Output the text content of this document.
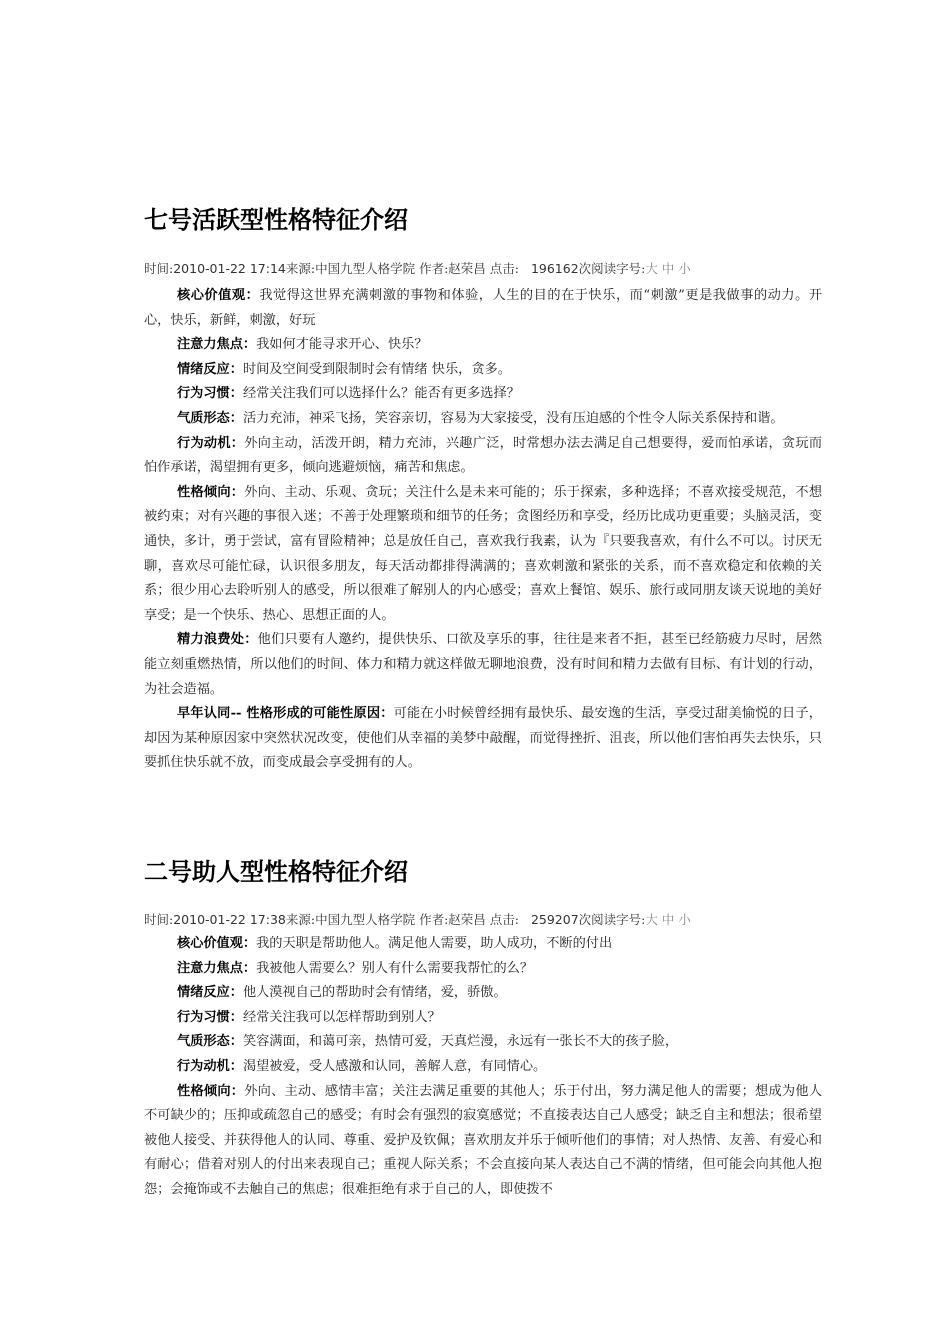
七号活跃型性格特征介绍
时间:2010-01-22 17:14来源:中国九型人格学院 作者:赵荣昌 点击: 196162次阅读字号:大 中 小

核心价值观：我觉得这世界充满刺激的事物和体验，人生的目的在于快乐，而“刺激”更是我做事的动力。开心，快乐，新鲜，刺激，好玩

注意力焦点：我如何才能寻求开心、快乐？

情绪反应：时间及空间受到限制时会有情绪 快乐，贪多。

行为习惯：经常关注我们可以选择什么？能否有更多选择？

气质形态：活力充沛，神采飞扬，笑容亲切，容易为大家接受，没有压迫感的个性令人际关系保持和谐。

行为动机：外向主动，活泼开朗，精力充沛，兴趣广泛，时常想办法去满足自己想要得，爱而怕承诺，贪玩而怕作承诺，渴望拥有更多，倾向逃避烦恼，痛苦和焦虑。

性格倾向：外向、主动、乐观、贪玩；关注什么是未来可能的；乐于探索，多种选择；不喜欢接受规范，不想被约束；对有兴趣的事很入迷；不善于处理繁琐和细节的任务；贪图经历和享受，经历比成功更重要；头脑灵活，变通快，多计，勇于尝试，富有冒险精神；总是放任自己，喜欢我行我素，认为『只要我喜欢，有什么不可以。讨厌无聊，喜欢尽可能忙碌，认识很多朋友，每天活动都排得满满的；喜欢刺激和紧张的关系，而不喜欢稳定和依赖的关系；很少用心去聆听别人的感受，所以很难了解别人的内心感受；喜欢上餐馆、娱乐、旅行或同朋友谈天说地的美好享受；是一个快乐、热心、思想正面的人。

精力浪费处：他们只要有人邀约，提供快乐、口欲及享乐的事，往往是来者不拒，甚至已经筋疲力尽时，居然能立刻重燃热情，所以他们的时间、体力和精力就这样做无聊地浪费，没有时间和精力去做有目标、有计划的行动，为社会造福。

早年认同-- 性格形成的可能性原因：可能在小时候曾经拥有最快乐、最安逸的生活，享受过甜美愉悦的日子，却因为某种原因家中突然状况改变，使他们从幸福的美梦中敲醒，而觉得挫折、沮丧，所以他们害怕再失去快乐，只要抓住快乐就不放，而变成最会享受拥有的人。

二号助人型性格特征介绍
时间:2010-01-22 17:38来源:中国九型人格学院 作者:赵荣昌 点击: 259207次阅读字号:大 中 小

核心价值观：我的天职是帮助他人。满足他人需要，助人成功，不断的付出

注意力焦点：我被他人需要么？别人有什么需要我帮忙的么？

情绪反应：他人漠视自己的帮助时会有情绪，爱，骄傲。

行为习惯：经常关注我可以怎样帮助到别人？

气质形态：笑容满面，和蔼可亲，热情可爱，天真烂漫，永远有一张长不大的孩子脸，

行为动机：渴望被爱，受人感激和认同，善解人意，有同情心。

性格倾向：外向、主动、感情丰富；关注去满足重要的其他人；乐于付出，努力满足他人的需要；想成为他人不可缺少的；压抑或疏忽自己的感受；有时会有强烈的寂寞感觉；不直接表达自己人感受；缺乏自主和想法；很希望被他人接受、并获得他人的认同、尊重、爱护及钦佩；喜欢朋友并乐于倾听他们的事情；对人热情、友善、有爱心和有耐心；借着对别人的付出来表现自己；重视人际关系；不会直接向某人表达自己不满的情绪，但可能会向其他人抱怨；会掩饰或不去触自己的焦虑；很难拒绝有求于自己的人，即使拨不
